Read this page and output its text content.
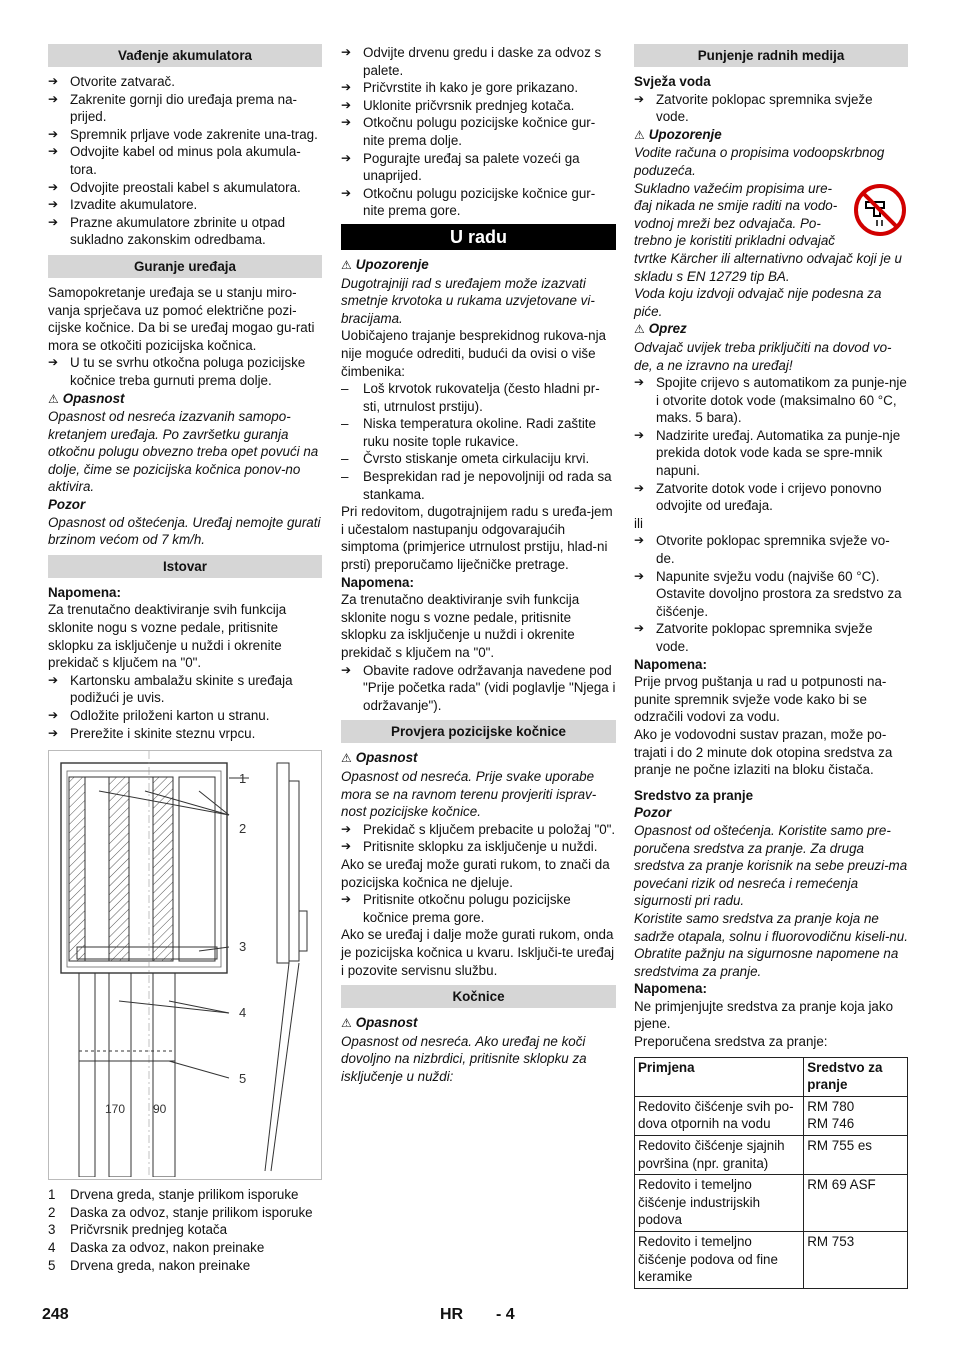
Vađenje akumulatora
➔ Otvorite zatvarač.
➔ Zakrenite gornji dio uređaja prema na-prijed.
➔ Spremnik prljave vode zakrenite una-trag.
➔ Odvojite kabel od minus pola akumula-tora.
➔ Odvojite preostali kabel s akumulatora.
➔ Izvadite akumulatore.
➔ Prazne akumulatore zbrinite u otpad sukladno zakonskim odredbama.
Guranje uređaja

Samopokretanje uređaja se u stanju miro-vanja sprječava uz pomoć električne pozi-cijske kočnice. Da bi se uređaj mogao gu-rati mora se otkočiti pozicijska kočnica.

➔ U tu se svrhu otkočna poluga pozicijske kočnice treba gurnuti prema dolje.
⚠ Opasnost

Opasnost od nesreća izazvanih samopo-kretanjem uređaja. Po završetku guranja otkočnu polugu obvezno treba opet povući na dolje, čime se pozicijska kočnica ponov-no aktivira.

Pozor

Opasnost od oštećenja. Uređaj nemojte gurati brzinom većom od 7 km/h.

Istovar
Napomena:

Za trenutačno deaktiviranje svih funkcija sklonite nogu s vozne pedale, pritisnite sklopku za isključenje u nuždi i okrenite prekidač s ključem na "0".

➔ Kartonsku ambalažu skinite s uređaja podižući je uvis.
➔ Odložite priloženi karton u stranu.
➔ Prerežite i skinite steznu vrpcu.
1
2
3
4
5
170 90
1 Drvena greda, stanje prilikom isporuke
2 Daska za odvoz, stanje prilikom isporuke
3 Pričvrsnik prednjeg kotača
4 Daska za odvoz, nakon preinake
5 Drvena greda, nakon preinake
➔ Odvijte drvenu gredu i daske za odvoz s palete.
➔ Pričvrstite ih kako je gore prikazano.
➔ Uklonite pričvrsnik prednjeg kotača.
➔ Otkočnu polugu pozicijske kočnice gur-nite prema dolje.
➔ Pogurajte uređaj sa palete vozeći ga unaprijed.
➔ Otkočnu polugu pozicijske kočnice gur-nite prema gore.
U radu
⚠ Upozorenje

Dugotrajniji rad s uređajem može izazvati smetnje krvotoka u rukama uzvjetovane vi-bracijama.

Uobičajeno trajanje besprekidnog rukova-nja nije moguće odrediti, budući da ovisi o više čimbenika:

– Loš krvotok rukovatelja (često hladni pr-sti, utrnulost prstiju).
– Niska temperatura okoline. Radi zaštite ruku nosite tople rukavice.
– Čvrsto stiskanje ometa cirkulaciju krvi.
– Besprekidan rad je nepovoljniji od rada sa stankama.

Pri redovitom, dugotrajnijem radu s uređa-jem i učestalom nastupanju odgovarajućih simptoma (primjerice utrnulost prstiju, hlad-ni prsti) preporučamo liječničke pretrage.

Napomena:

Za trenutačno deaktiviranje svih funkcija sklonite nogu s vozne pedale, pritisnite sklopku za isključenje u nuždi i okrenite prekidač s ključem na "0".

➔ Obavite radove održavanja navedene pod "Prije početka rada" (vidi poglavlje "Njega i održavanje").
Provjera pozicijske kočnice
⚠ Opasnost

Opasnost od nesreća. Prije svake uporabe mora se na ravnom terenu provjeriti isprav-nost pozicijske kočnice.

➔ Prekidač s ključem prebacite u položaj "0".
➔ Pritisnite sklopku za isključenje u nuždi.

Ako se uređaj može gurati rukom, to znači da pozicijska kočnica ne djeluje.

➔ Pritisnite otkočnu polugu pozicijske kočnice prema gore.

Ako se uređaj i dalje može gurati rukom, onda je pozicijska kočnica u kvaru. Isključi-te uređaj i pozovite servisnu službu.

Kočnice
⚠ Opasnost

Opasnost od nesreća. Ako uređaj ne koči dovoljno na nizbrdici, pritisnite sklopku za isključenje u nuždi:

Punjenje radnih medija
Svježa voda
➔ Zatvorite poklopac spremnika svježe vode.
⚠ Upozorenje

Vodite računa o propisima vodoopskrbnog poduzeća.

Sukladno važećim propisima ure-đaj nikada ne smije raditi na vodo-vodnoj mreži bez odvajača. Po-trebno je koristiti prikladni odvajač tvrtke Kärcher ili alternativno odvajač koji je u skladu s EN 12729 tip BA.

Voda koju izdvoji odvajač nije podesna za piće.

⚠ Oprez

Odvajač uvijek treba priključiti na dovod vo-de, a ne izravno na uređaj!

➔ Spojite crijevo s automatikom za punje-nje i otvorite dotok vode (maksimalno 60 °C, maks. 5 bara).
➔ Nadzirite uređaj. Automatika za punje-nje prekida dotok vode kada se spre-mnik napuni.
➔ Zatvorite dotok vode i crijevo ponovno odvojite od uređaja.
ili
➔ Otvorite poklopac spremnika svježe vo-de.
➔ Napunite svježu vodu (najviše 60 °C). Ostavite dovoljno prostora za sredstvo za čišćenje.
➔ Zatvorite poklopac spremnika svježe vode.
Napomena:

Prije prvog puštanja u rad u potpunosti na-punite spremnik svježe vode kako bi se odzračili vodovi za vodu.

Ako je vodovodni sustav prazan, može po-trajati i do 2 minute dok otopina sredstva za pranje ne počne izlaziti na bloku čistača.

Sredstvo za pranje
Pozor

Opasnost od oštećenja. Koristite samo pre-poručena sredstva za pranje. Za druga sredstva za pranje korisnik na sebe preuzi-ma povećani rizik od nesreća i remećenja sigurnosti pri radu.

Koristite samo sredstva za pranje koja ne sadrže otapala, solnu i fluorovodičnu kiseli-nu.

Obratite pažnju na sigurnosne napomene na sredstvima za pranje.

Napomena:

Ne primjenjujte sredstva za pranje koja jako pjene.

Preporučena sredstva za pranje:

Primjena	Sredstvo za pranje
Redovito čišćenje svih po-dova otpornih na vodu	RM 780
RM 746
Redovito čišćenje sjajnih površina (npr. granita)	RM 755 es
Redovito i temeljno čišćenje industrijskih podova	RM 69 ASF
Redovito i temeljno čišćenje podova od fine keramike	RM 753
248	HR - 4
